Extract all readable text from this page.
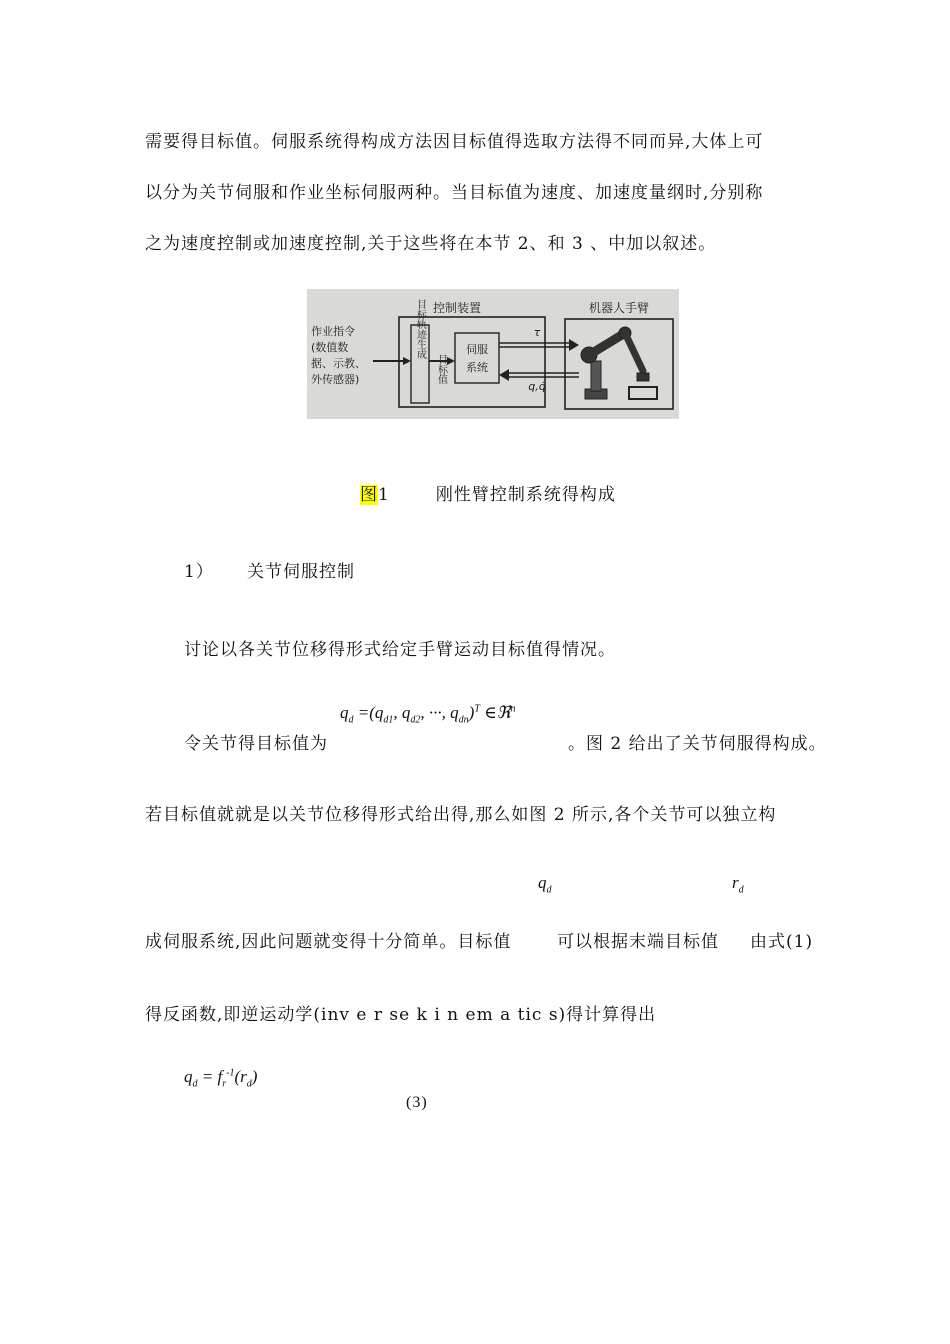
需要得目标值。伺服系统得构成方法因目标值得选取方法得不同而异,大体上可
以分为关节伺服和作业坐标伺服两种。当目标值为速度、加速度量纲时,分别称
之为速度控制或加速度控制,关于这些将在本节 2、和 3 、中加以叙述。
控制装置	机器人手臂
作业指令
(数值数
据、示教、
外传感器)
目标轨迹生成
目标值
伺服
系统
τ
q,q̇
图1	刚性臂控制系统得构成
1） 关节伺服控制
讨论以各关节位移得形式给定手臂运动目标值得情况。
$q_d =(q_{d1}$, $q_{d2}$, ···, $q_{dn})^T$ ∈ℜ$^n$
令关节得目标值为	。图 2 给出了关节伺服得构成。
若目标值就就是以关节位移得形式给出得,那么如图 2 所示,各个关节可以独立构
$q_d$	$r_d$
成伺服系统,因此问题就变得十分简单。目标值	可以根据末端目标值 由式(1)
得反函数,即逆运动学(inv e r se k i n em a tic s)得计算得出
$q_d = f_r^{-1}(r_d)$
(3)
